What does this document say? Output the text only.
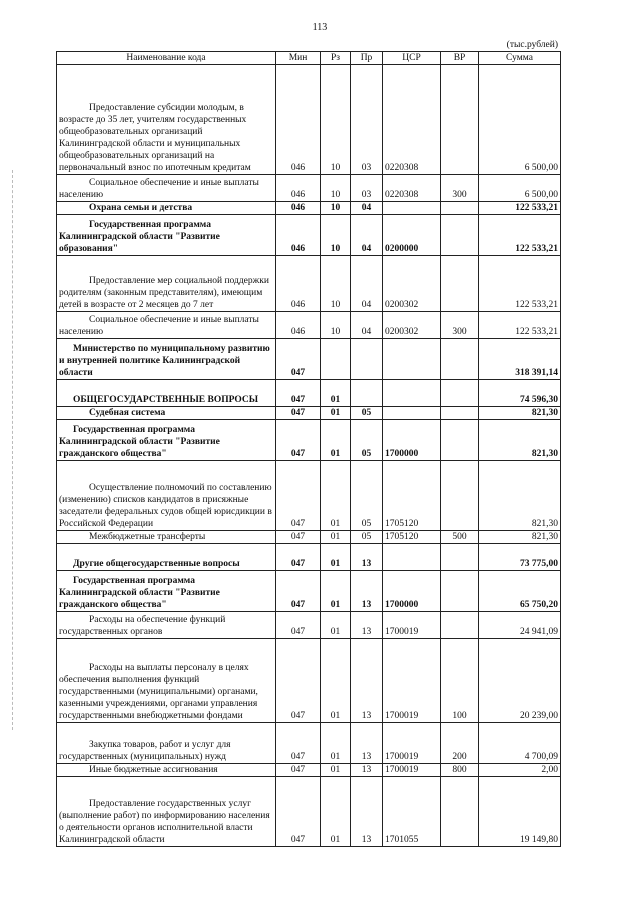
113
(тыс.рублей)
Наименование кода	Мин	Рз	Пр	ЦСР	ВР	Сумма
Предоставление субсидии молодым, в возрасте до 35 лет, учителям государственных общеобразовательных организаций Калининградской области и муниципальных общеобразовательных организаций на первоначальный взнос по ипотечным кредитам	046	10	03	0220308		6 500,00
Социальное обеспечение и иные выплаты населению	046	10	03	0220308	300	6 500,00
Охрана семьи и детства	046	10	04			122 533,21
Государственная программа Калининградской области "Развитие образования"	046	10	04	0200000		122 533,21
Предоставление мер социальной поддержки родителям (законным представителям), имеющим детей в возрасте от 2 месяцев до 7 лет	046	10	04	0200302		122 533,21
Социальное обеспечение и иные выплаты населению	046	10	04	0200302	300	122 533,21
Министерство по муниципальному развитию и внутренней политике Калининградской области	047					318 391,14
ОБЩЕГОСУДАРСТВЕННЫЕ ВОПРОСЫ	047	01				74 596,30
Судебная система	047	01	05			821,30
Государственная программа Калининградской области "Развитие гражданского общества"	047	01	05	1700000		821,30
Осуществление полномочий по составлению (изменению) списков кандидатов в присяжные заседатели федеральных судов общей юрисдикции в Российской Федерации	047	01	05	1705120		821,30
Межбюджетные трансферты	047	01	05	1705120	500	821,30
Другие общегосударственные вопросы	047	01	13			73 775,00
Государственная программа Калининградской области "Развитие гражданского общества"	047	01	13	1700000		65 750,20
Расходы на обеспечение функций государственных органов	047	01	13	1700019		24 941,09
Расходы на выплаты персоналу в целях обеспечения выполнения функций государственными (муниципальными) органами, казенными учреждениями, органами управления государственными внебюджетными фондами	047	01	13	1700019	100	20 239,00
Закупка товаров, работ и услуг для государственных (муниципальных) нужд	047	01	13	1700019	200	4 700,09
Иные бюджетные ассигнования	047	01	13	1700019	800	2,00
Предоставление государственных услуг (выполнение работ) по информированию населения о деятельности органов исполнительной власти Калининградской области	047	01	13	1701055		19 149,80
